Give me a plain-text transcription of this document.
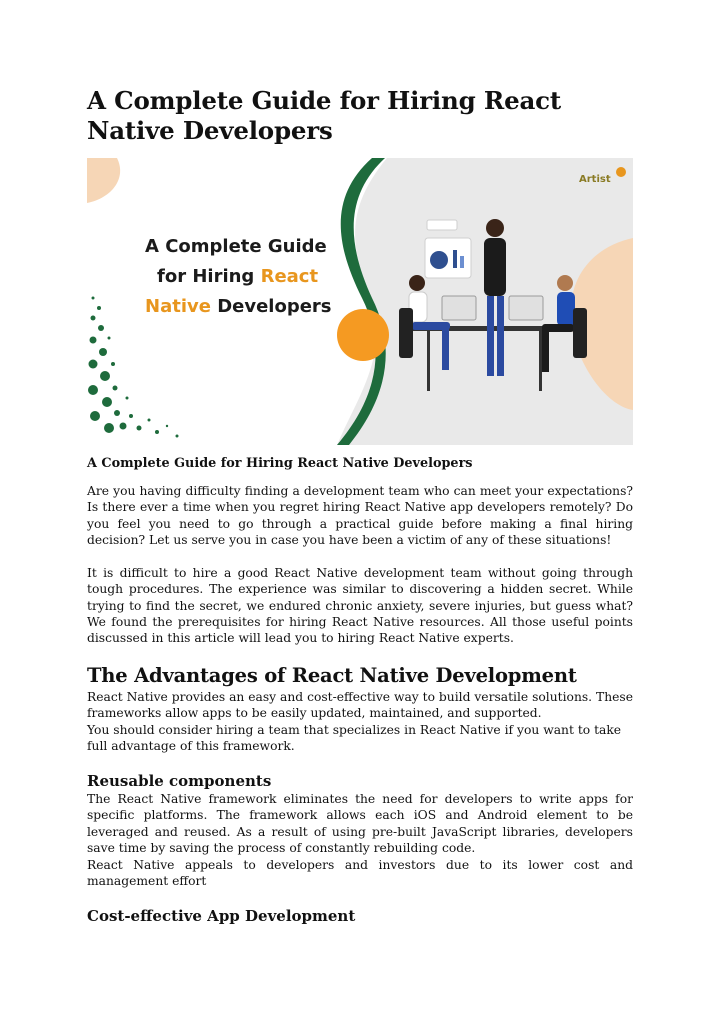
A Complete Guide for Hiring React Native Developers
A Complete Guide
for Hiring React
Native Developers
Artist

A Complete Guide for Hiring React Native Developers

Are you having difficulty finding a development team who can meet your expectations? Is there ever a time when you regret hiring React Native app developers remotely? Do you feel you need to go through a practical guide before making a final hiring decision? Let us serve you in case you have been a victim of any of these situations!

It is difficult to hire a good React Native development team without going through tough procedures. The experience was similar to discovering a hidden secret. While trying to find the secret, we endured chronic anxiety, severe injuries, but guess what? We found the prerequisites for hiring React Native resources. All those useful points discussed in this article will lead you to hiring React Native experts.

The Advantages of React Native Development

React Native provides an easy and cost-effective way to build versatile solutions. These frameworks allow apps to be easily updated, maintained, and supported.

You should consider hiring a team that specializes in React Native if you want to take full advantage of this framework.

Reusable components

The React Native framework eliminates the need for developers to write apps for specific platforms. The framework allows each iOS and Android element to be leveraged and reused. As a result of using pre-built JavaScript libraries, developers save time by saving the process of constantly rebuilding code.

React Native appeals to developers and investors due to its lower cost and management effort

Cost-effective App Development
